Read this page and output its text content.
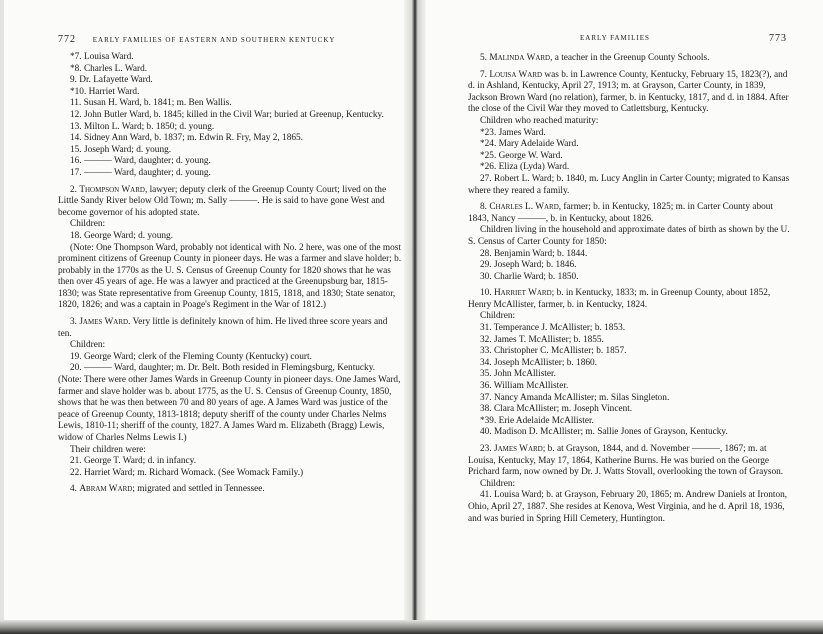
772 EARLY FAMILIES OF EASTERN AND SOUTHERN KENTUCKY

*7. Louisa Ward.

*8. Charles L. Ward.

9. Dr. Lafayette Ward.

*10. Harriet Ward.

11. Susan H. Ward, b. 1841; m. Ben Wallis.

12. John Butler Ward, b. 1845; killed in the Civil War; buried at Greenup, Kentucky.

13. Milton L. Ward; b. 1850; d. young.

14. Sidney Ann Ward, b. 1837; m. Edwin R. Fry, May 2, 1865.

15. Joseph Ward; d. young.

16. ——— Ward, daughter; d. young.

17. ——— Ward, daughter; d. young.

2. Thompson Ward, lawyer; deputy clerk of the Greenup County Court; lived on the Little Sandy River below Old Town; m. Sally ———. He is said to have gone West and become governor of his adopted state.

Children:

18. George Ward; d. young.

(Note: One Thompson Ward, probably not identical with No. 2 here, was one of the most prominent citizens of Greenup County in pioneer days. He was a farmer and slave holder; b. probably in the 1770s as the U. S. Census of Greenup County for 1820 shows that he was then over 45 years of age. He was a lawyer and practiced at the Greenupsburg bar, 1815-1830; was State representative from Greenup County, 1815, 1818, and 1830; State senator, 1820, 1826; and was a captain in Poage's Regiment in the War of 1812.)

3. James Ward. Very little is definitely known of him. He lived three score years and ten.

Children:

19. George Ward; clerk of the Fleming County (Kentucky) court.

20. ——— Ward, daughter; m. Dr. Belt. Both resided in Flemingsburg, Kentucky.

(Note: There were other James Wards in Greenup County in pioneer days. One James Ward, farmer and slave holder was b. about 1775, as the U. S. Census of Greenup County, 1850, shows that he was then between 70 and 80 years of age. A James Ward was justice of the peace of Greenup County, 1813-1818; deputy sheriff of the county under Charles Nelms Lewis, 1810-11; sheriff of the county, 1827. A James Ward m. Elizabeth (Bragg) Lewis, widow of Charles Nelms Lewis I.)

Their children were:

21. George T. Ward; d. in infancy.

22. Harriet Ward; m. Richard Womack. (See Womack Family.)

4. Abram Ward; migrated and settled in Tennessee.

EARLY FAMILIES	773

5. Malinda Ward, a teacher in the Greenup County Schools.

7. Louisa Ward was b. in Lawrence County, Kentucky, February 15, 1823(?), and d. in Ashland, Kentucky, April 27, 1913; m. at Grayson, Carter County, in 1839, Jackson Brown Ward (no relation), farmer, b. in Kentucky, 1817, and d. in 1884. After the close of the Civil War they moved to Catlettsburg, Kentucky.

Children who reached maturity:

*23. James Ward.

*24. Mary Adelaide Ward.

*25. George W. Ward.

*26. Eliza (Lyda) Ward.

27. Robert L. Ward; b. 1840, m. Lucy Anglin in Carter County; migrated to Kansas where they reared a family.

8. Charles L. Ward, farmer; b. in Kentucky, 1825; m. in Carter County about 1843, Nancy ———, b. in Kentucky, about 1826.

Children living in the household and approximate dates of birth as shown by the U. S. Census of Carter County for 1850:

28. Benjamin Ward; b. 1844.

29. Joseph Ward; b. 1846.

30. Charlie Ward; b. 1850.

10. Harriet Ward; b. in Kentucky, 1833; m. in Greenup County, about 1852, Henry McAllister, farmer, b. in Kentucky, 1824.

Children:

31. Temperance J. McAllister; b. 1853.

32. James T. McAllister; b. 1855.

33. Christopher C. McAllister; b. 1857.

34. Joseph McAllister; b. 1860.

35. John McAllister.

36. William McAllister.

37. Nancy Amanda McAllister; m. Silas Singleton.

38. Clara McAllister; m. Joseph Vincent.

*39. Erie Adelaide McAllister.

40. Madison D. McAllister; m. Sallie Jones of Grayson, Kentucky.

23. James Ward; b. at Grayson, 1844, and d. November ———, 1867; m. at Louisa, Kentucky, May 17, 1864, Katherine Burns. He was buried on the George Prichard farm, now owned by Dr. J. Watts Stovall, overlooking the town of Grayson.

Children:

41. Louisa Ward; b. at Grayson, February 20, 1865; m. Andrew Daniels at Ironton, Ohio, April 27, 1887. She resides at Kenova, West Virginia, and he d. April 18, 1936, and was buried in Spring Hill Cemetery, Huntington.
